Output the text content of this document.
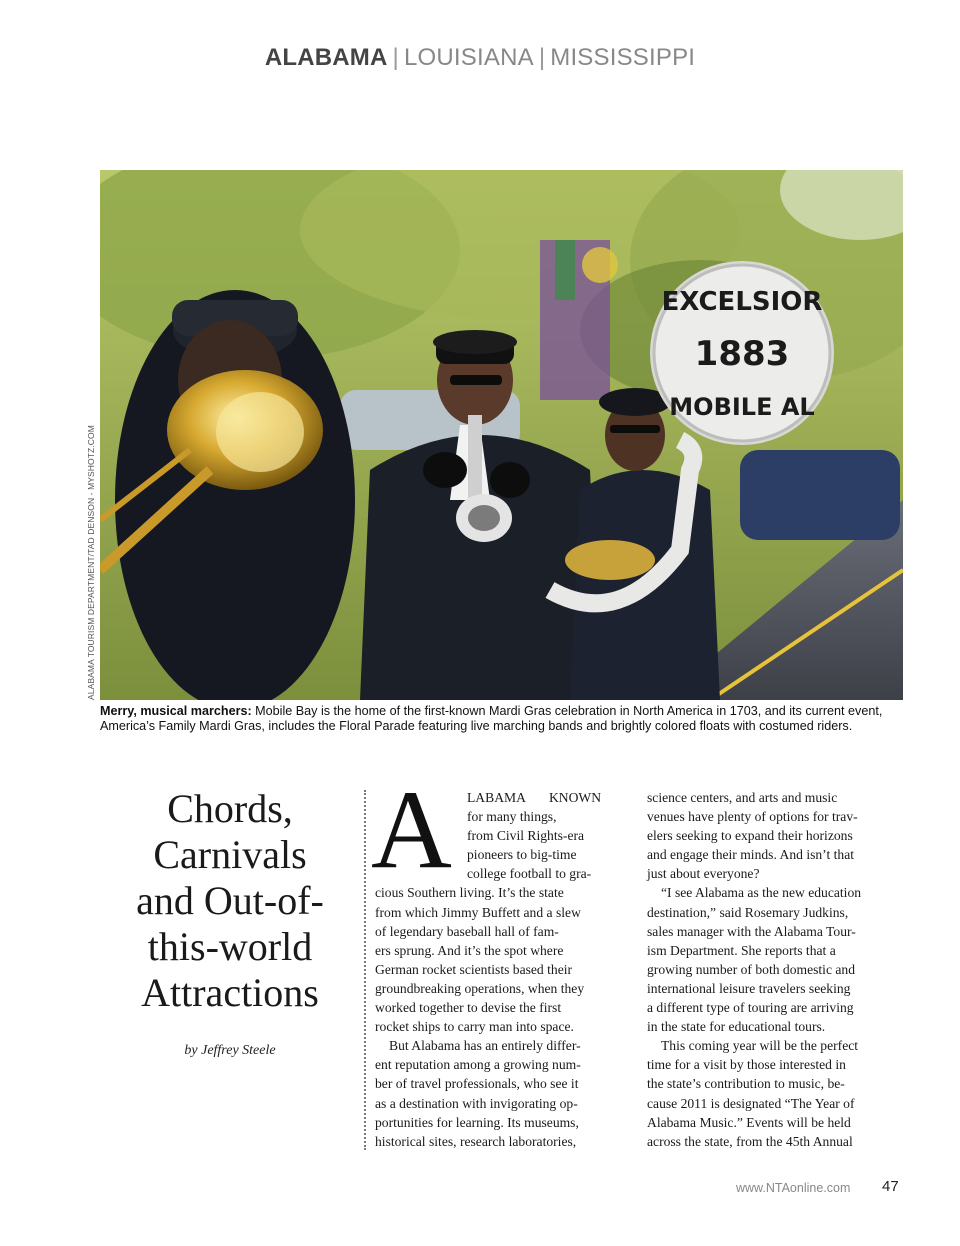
ALABAMA | LOUISIANA | MISSISSIPPI
EXCELSIOR
1883
MOBILE AL
ALABAMA TOURISM DEPARTMENT/TAD DENSON - MYSHOTZ.COM
Merry, musical marchers: Mobile Bay is the home of the first-known Mardi Gras celebration in North America in 1703, and its current event, America’s Family Mardi Gras, includes the Floral Parade featuring live marching bands and brightly colored floats with costumed riders.
Chords,
Carnivals
and Out-of-
this-world
Attractions
by Jeffrey Steele
A	LABAMA       KNOWN
for many things,
from Civil Rights-era
pioneers to big-time
college football to gra-
cious Southern living. It’s the state
from which Jimmy Buffett and a slew
of legendary baseball hall of fam-
ers sprung. And it’s the spot where
German rocket scientists based their
groundbreaking operations, when they
worked together to devise the first
rocket ships to carry man into space.
But Alabama has an entirely differ-
ent reputation among a growing num-
ber of travel professionals, who see it
as a destination with invigorating op-
portunities for learning. Its museums,
historical sites, research laboratories,
science centers, and arts and music
venues have plenty of options for trav-
elers seeking to expand their horizons
and engage their minds. And isn’t that
just about everyone?
“I see Alabama as the new education
destination,” said Rosemary Judkins,
sales manager with the Alabama Tour-
ism Department. She reports that a
growing number of both domestic and
international leisure travelers seeking
a different type of touring are arriving
in the state for educational tours.
This coming year will be the perfect
time for a visit by those interested in
the state’s contribution to music, be-
cause 2011 is designated “The Year of
Alabama Music.” Events will be held
across the state, from the 45th Annual
www.NTAonline.com 47
